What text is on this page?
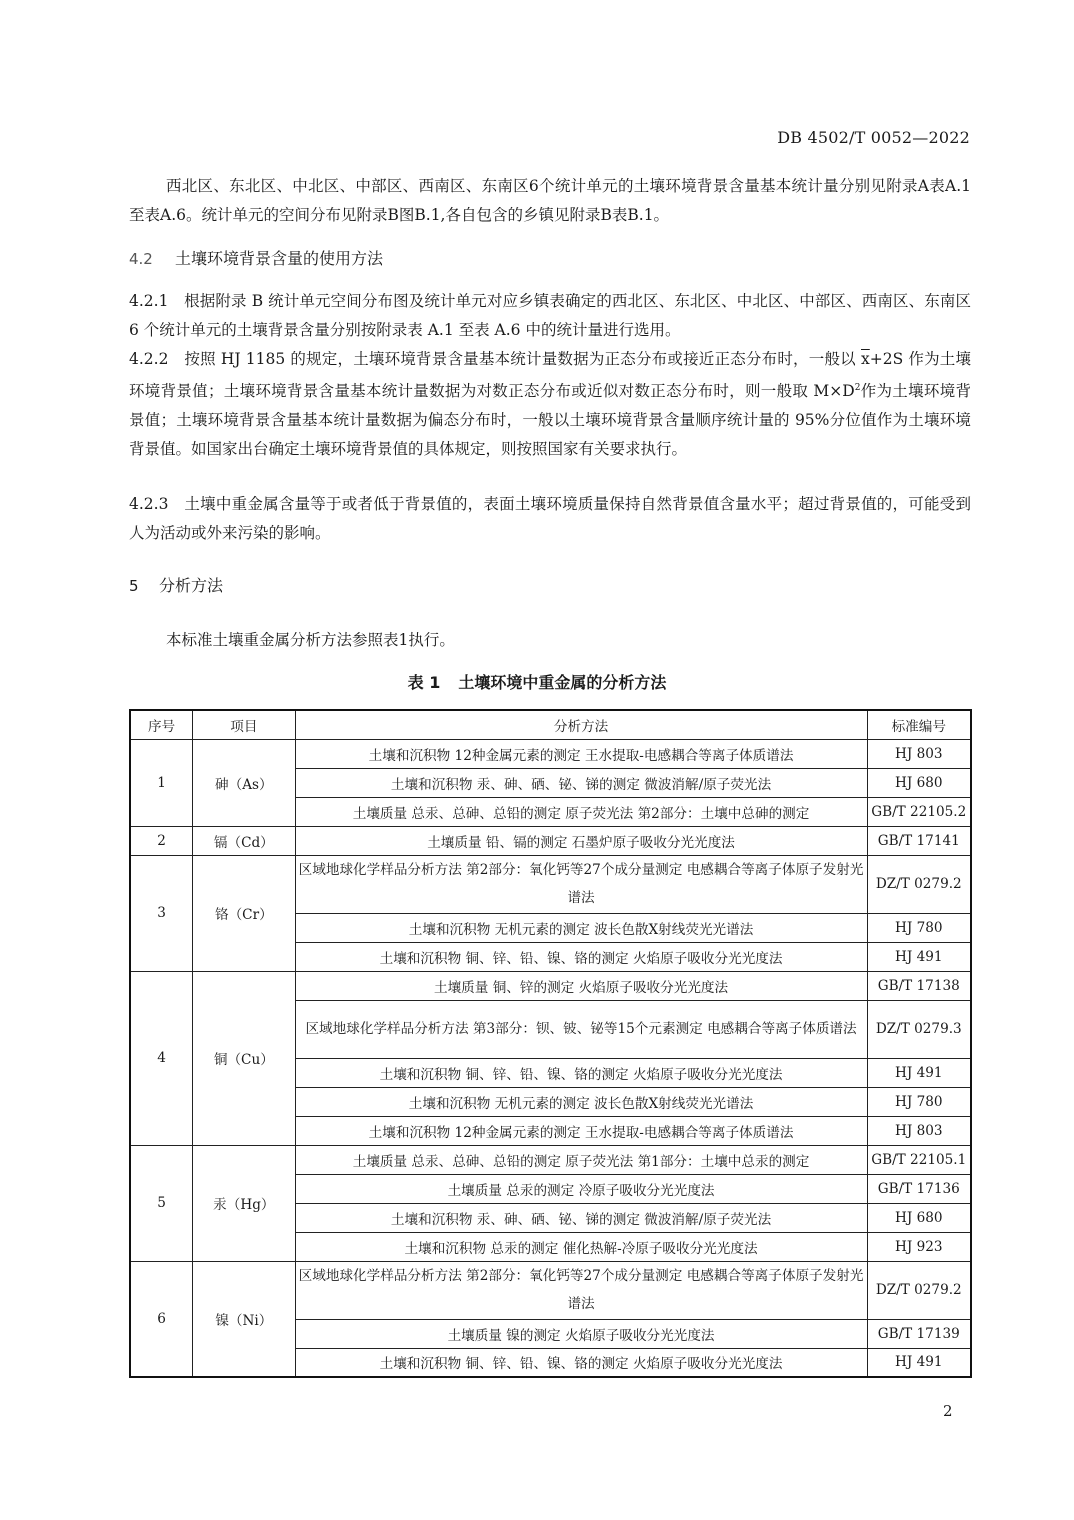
DB 4502/T 0052—2022
西北区、东北区、中北区、中部区、西南区、东南区6个统计单元的土壤环境背景含量基本统计量分别见附录A表A.1至表A.6。统计单元的空间分布见附录B图B.1,各自包含的乡镇见附录B表B.1。
4.2 土壤环境背景含量的使用方法
4.2.1　根据附录 B 统计单元空间分布图及统计单元对应乡镇表确定的西北区、东北区、中北区、中部区、西南区、东南区 6 个统计单元的土壤背景含量分别按附录表 A.1 至表 A.6 中的统计量进行选用。
4.2.2　按照 HJ 1185 的规定，土壤环境背景含量基本统计量数据为正态分布或接近正态分布时，一般以 $\overline{x}+2S$ 作为土壤环境背景值；土壤环境背景含量基本统计量数据为对数正态分布或近似对数正态分布时，则一般取 $M\times D^2$作为土壤环境背景值；土壤环境背景含量基本统计量数据为偏态分布时，一般以土壤环境背景含量顺序统计量的 95%分位值作为土壤环境背景值。如国家出台确定土壤环境背景值的具体规定，则按照国家有关要求执行。
4.2.3　土壤中重金属含量等于或者低于背景值的，表面土壤环境质量保持自然背景值含量水平；超过背景值的，可能受到人为活动或外来污染的影响。
5 分析方法
本标准土壤重金属分析方法参照表1执行。
表 1 土壤环境中重金属的分析方法
序号	项目	分析方法	标准编号
1	砷（As）	土壤和沉积物 12种金属元素的测定 王水提取-电感耦合等离子体质谱法	HJ 803
		土壤和沉积物 汞、砷、硒、铋、锑的测定 微波消解/原子荧光法	HJ 680
		土壤质量 总汞、总砷、总铅的测定 原子荧光法 第2部分：土壤中总砷的测定	GB/T 22105.2
2	镉（Cd）	土壤质量 铅、镉的测定 石墨炉原子吸收分光光度法	GB/T 17141
3	铬（Cr）	区域地球化学样品分析方法 第2部分：氧化钙等27个成分量测定 电感耦合等离子体原子发射光谱法	DZ/T 0279.2
		土壤和沉积物 无机元素的测定 波长色散X射线荧光光谱法	HJ 780
		土壤和沉积物 铜、锌、铅、镍、铬的测定 火焰原子吸收分光光度法	HJ 491
4	铜（Cu）	土壤质量 铜、锌的测定 火焰原子吸收分光光度法	GB/T 17138
		区域地球化学样品分析方法 第3部分：钡、铍、铋等15个元素测定 电感耦合等离子体质谱法	DZ/T 0279.3
		土壤和沉积物 铜、锌、铅、镍、铬的测定 火焰原子吸收分光光度法	HJ 491
		土壤和沉积物 无机元素的测定 波长色散X射线荧光光谱法	HJ 780
		土壤和沉积物 12种金属元素的测定 王水提取-电感耦合等离子体质谱法	HJ 803
5	汞（Hg）	土壤质量 总汞、总砷、总铅的测定 原子荧光法 第1部分：土壤中总汞的测定	GB/T 22105.1
		土壤质量 总汞的测定 冷原子吸收分光光度法	GB/T 17136
		土壤和沉积物 汞、砷、硒、铋、锑的测定 微波消解/原子荧光法	HJ 680
		土壤和沉积物 总汞的测定 催化热解-冷原子吸收分光光度法	HJ 923
6	镍（Ni）	区域地球化学样品分析方法 第2部分：氧化钙等27个成分量测定 电感耦合等离子体原子发射光谱法	DZ/T 0279.2
		土壤质量 镍的测定 火焰原子吸收分光光度法	GB/T 17139
		土壤和沉积物 铜、锌、铅、镍、铬的测定 火焰原子吸收分光光度法	HJ 491
2
